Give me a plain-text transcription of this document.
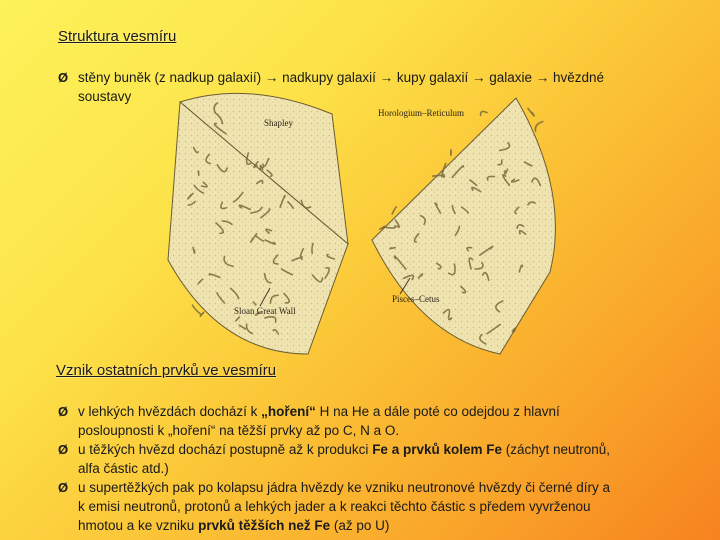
Struktura vesmíru
Ø stěny buněk (z nadkup galaxií) → nadkupy galaxií → kupy galaxií → galaxie → hvězdné
soustavy
Shapley
Horologium–Reticulum
Sloan Great Wall
Pisces–Cetus
Vznik ostatních prvků ve vesmíru
Ø v lehkých hvězdách dochází k „hoření“ H na He a dále poté co odejdou z hlavní
posloupnosti k „hoření“ na těžší prvky až po C, N a O.
Ø u těžkých hvězd dochází postupně až k produkci Fe a prvků kolem Fe (záchyt neutronů,
alfa částic atd.)
Ø u supertěžkých pak po kolapsu jádra hvězdy ke vzniku neutronové hvězdy či černé díry a
k emisi neutronů, protonů a lehkých jader a k reakci těchto částic s předem vyvrženou
hmotou a ke vzniku prvků těžších než Fe (až po U)
